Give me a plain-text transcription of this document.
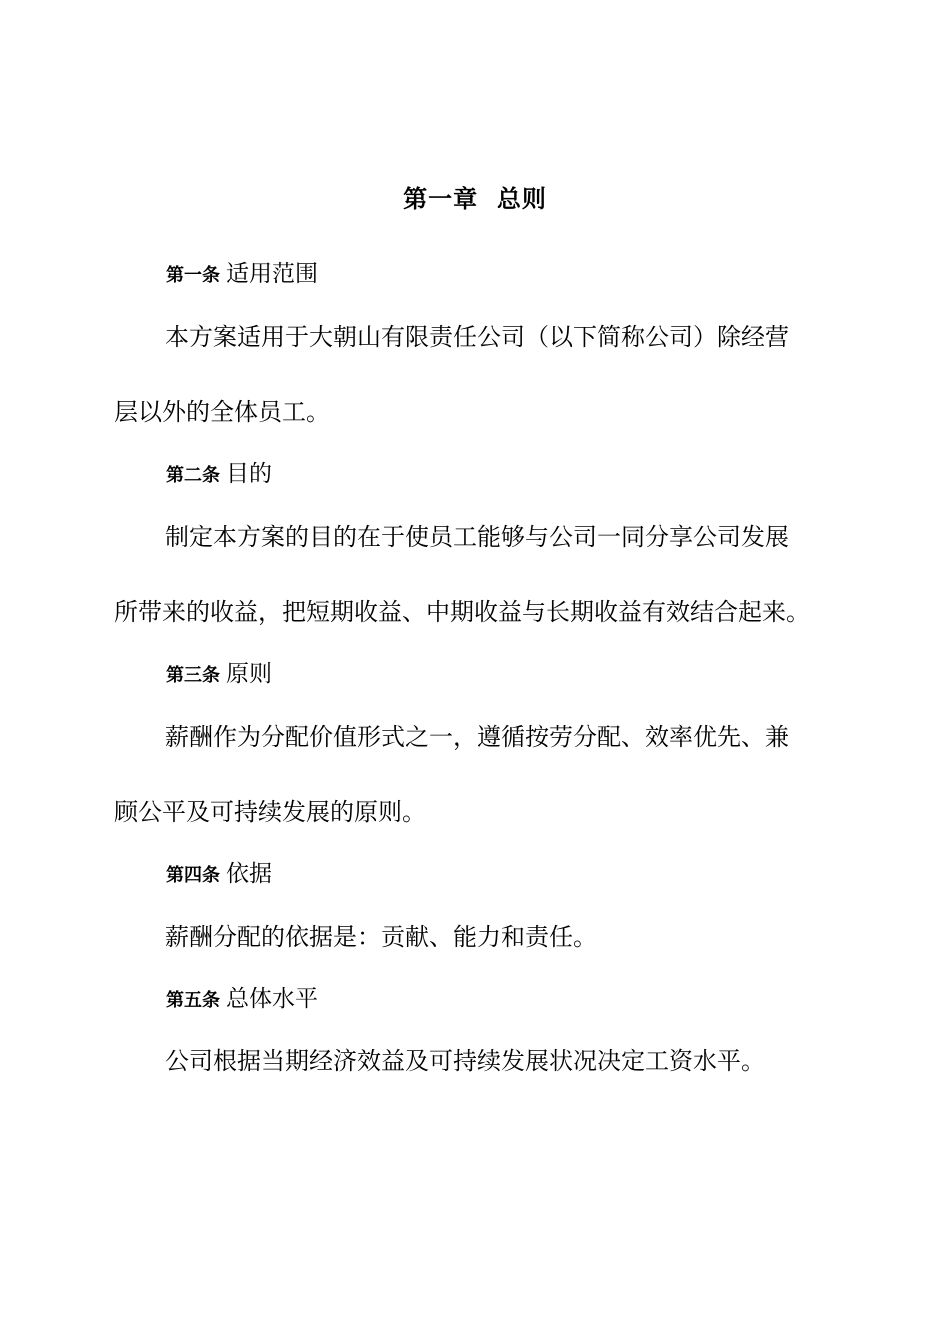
第一章  总则
第一条 适用范围
本方案适用于大朝山有限责任公司（以下简称公司）除经营
层以外的全体员工。
第二条 目的
制定本方案的目的在于使员工能够与公司一同分享公司发展
所带来的收益，把短期收益、中期收益与长期收益有效结合起来。
第三条 原则
薪酬作为分配价值形式之一，遵循按劳分配、效率优先、兼
顾公平及可持续发展的原则。
第四条 依据
薪酬分配的依据是：贡献、能力和责任。
第五条 总体水平
公司根据当期经济效益及可持续发展状况决定工资水平。
